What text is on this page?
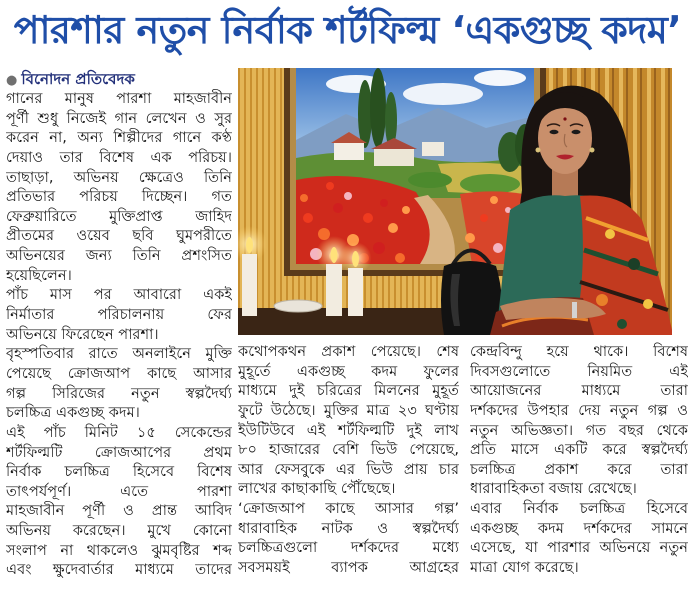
পারশার নতুন নির্বাক শর্টফিল্ম ‘একগুচ্ছ কদম’
● বিনোদন প্রতিবেদক
গানের মানুষ পারশা মাহজাবীন
পূর্ণী শুধু নিজেই গান লেখেন ও সুর
করেন না, অন্য শিল্পীদের গানে কণ্ঠ
দেয়াও তার বিশেষ এক পরিচয়।
তাছাড়া, অভিনয় ক্ষেত্রেও তিনি
প্রতিভার পরিচয় দিচ্ছেন। গত
ফেব্রুয়ারিতে মুক্তিপ্রাপ্ত জাহিদ
প্রীতমের ওয়েব ছবি ঘুমপরীতে
অভিনয়ের জন্য তিনি প্রশংসিত
হয়েছিলেন।
পাঁচ মাস পর আবারো একই
নির্মাতার পরিচালনায় ফের
অভিনয়ে ফিরেছেন পারশা।
বৃহস্পতিবার রাতে অনলাইনে মুক্তি
পেয়েছে ক্রোজআপ কাছে আসার
গল্প সিরিজের নতুন স্বল্পদৈর্ঘ্য
চলচ্চিত্র একগুচ্ছ কদম।
এই পাঁচ মিনিট ১৫ সেকেন্ডের
শর্টফিল্মটি ক্রোজআপের প্রথম
নির্বাক চলচ্চিত্র হিসেবে বিশেষ
তাৎপর্যপূর্ণ। এতে পারশা
মাহজাবীন পূর্ণী ও প্রান্ত আবিদ
অভিনয় করেছেন। মুখে কোনো
সংলাপ না থাকলেও ঝুমবৃষ্টির শব্দ
এবং ক্ষুদেবার্তার মাধ্যমে তাদের
কথোপকথন প্রকাশ পেয়েছে। শেষ
মুহূর্তে একগুচ্ছ কদম ফুলের
মাধ্যমে দুই চরিত্রের মিলনের মুহূর্ত
ফুটে উঠেছে। মুক্তির মাত্র ২৩ ঘণ্টায়
ইউটিউবে এই শর্টফিল্মটি দুই লাখ
৮০ হাজারের বেশি ভিউ পেয়েছে,
আর ফেসবুকে এর ভিউ প্রায় চার
লাখের কাছাকাছি পৌঁছেছে।
‘ক্রোজআপ কাছে আসার গল্প’
ধারাবাহিক নাটক ও স্বল্পদৈর্ঘ্য
চলচ্চিত্রগুলো দর্শকদের মধ্যে
সবসময়ই ব্যাপক আগ্রহের
কেন্দ্রবিন্দু হয়ে থাকে। বিশেষ
দিবসগুলোতে নিয়মিত এই
আয়োজনের মাধ্যমে তারা
দর্শকদের উপহার দেয় নতুন গল্প ও
নতুন অভিজ্ঞতা। গত বছর থেকে
প্রতি মাসে একটি করে স্বল্পদৈর্ঘ্য
চলচ্চিত্র প্রকাশ করে তারা
ধারাবাহিকতা বজায় রেখেছে।
এবার নির্বাক চলচ্চিত্র হিসেবে
একগুচ্ছ কদম দর্শকদের সামনে
এসেছে, যা পারশার অভিনয়ে নতুন
মাত্রা যোগ করেছে।
